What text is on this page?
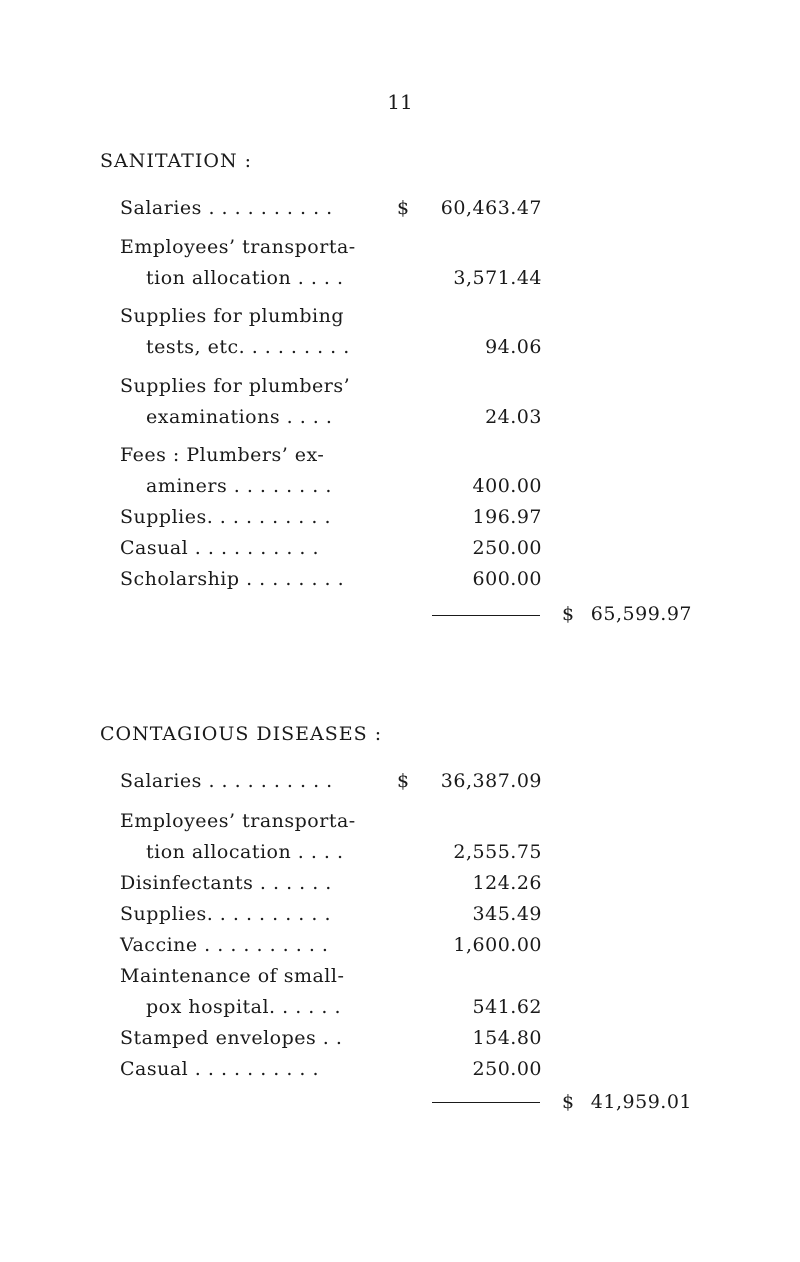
11
SANITATION :
Salaries . . . . . . . . . .	$ 60,463.47
Employees’ transporta-
tion allocation . . . .	3,571.44
Supplies for plumbing
tests, etc. . . . . . . . .	94.06
Supplies for plumbers’
examinations . . . .	24.03
Fees : Plumbers’ ex-
aminers . . . . . . . .	400.00
Supplies. . . . . . . . . .	196.97
Casual . . . . . . . . . .	250.00
Scholarship . . . . . . . .	600.00
$ 65,599.97
CONTAGIOUS DISEASES :
Salaries . . . . . . . . . .	$ 36,387.09
Employees’ transporta-
tion allocation . . . .	2,555.75
Disinfectants . . . . . .	124.26
Supplies. . . . . . . . . .	345.49
Vaccine . . . . . . . . . .	1,600.00
Maintenance of small-
pox hospital. . . . . .	541.62
Stamped envelopes . .	154.80
Casual . . . . . . . . . .	250.00
$ 41,959.01
